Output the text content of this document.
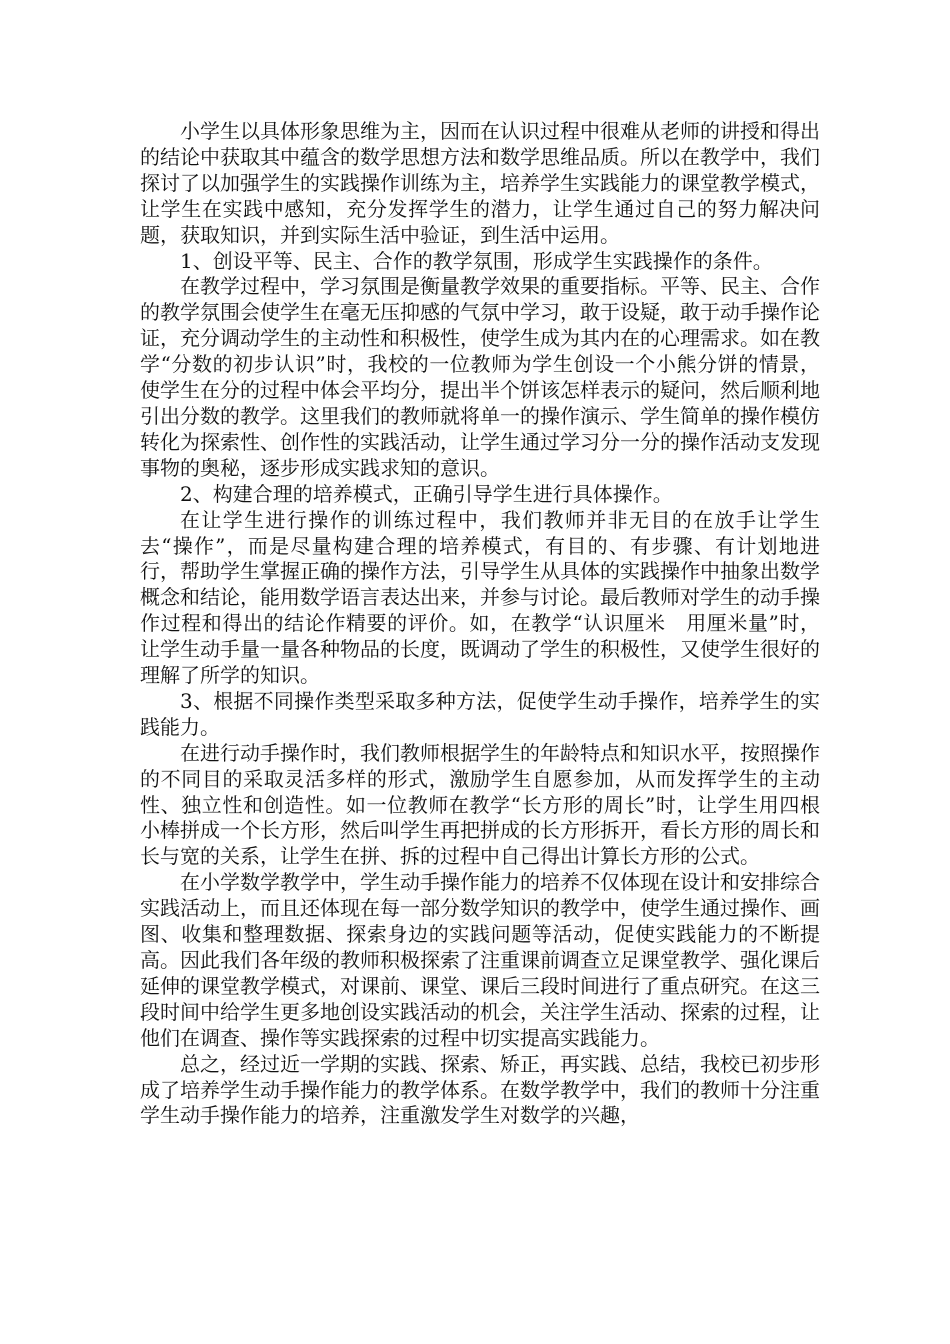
小学生以具体形象思维为主，因而在认识过程中很难从老师的讲授和得出的结论中获取其中蕴含的数学思想方法和数学思维品质。所以在教学中，我们探讨了以加强学生的实践操作训练为主，培养学生实践能力的课堂教学模式，让学生在实践中感知，充分发挥学生的潜力，让学生通过自己的努力解决问题，获取知识，并到实际生活中验证，到生活中运用。

1、创设平等、民主、合作的教学氛围，形成学生实践操作的条件。

在教学过程中，学习氛围是衡量教学效果的重要指标。平等、民主、合作的教学氛围会使学生在毫无压抑感的气氛中学习，敢于设疑，敢于动手操作论证，充分调动学生的主动性和积极性，使学生成为其内在的心理需求。如在教学“分数的初步认识”时，我校的一位教师为学生创设一个小熊分饼的情景，使学生在分的过程中体会平均分，提出半个饼该怎样表示的疑问，然后顺利地引出分数的教学。这里我们的教师就将单一的操作演示、学生简单的操作模仿转化为探索性、创作性的实践活动，让学生通过学习分一分的操作活动支发现事物的奥秘，逐步形成实践求知的意识。

2、构建合理的培养模式，正确引导学生进行具体操作。

在让学生进行操作的训练过程中，我们教师并非无目的在放手让学生去“操作”，而是尽量构建合理的培养模式，有目的、有步骤、有计划地进行，帮助学生掌握正确的操作方法，引导学生从具体的实践操作中抽象出数学概念和结论，能用数学语言表达出来，并参与讨论。最后教师对学生的动手操作过程和得出的结论作精要的评价。如，在教学“认识厘米　用厘米量”时，让学生动手量一量各种物品的长度，既调动了学生的积极性，又使学生很好的理解了所学的知识。

3、根据不同操作类型采取多种方法，促使学生动手操作，培养学生的实践能力。

在进行动手操作时，我们教师根据学生的年龄特点和知识水平，按照操作的不同目的采取灵活多样的形式，激励学生自愿参加，从而发挥学生的主动性、独立性和创造性。如一位教师在教学“长方形的周长”时，让学生用四根小棒拼成一个长方形，然后叫学生再把拼成的长方形拆开，看长方形的周长和长与宽的关系，让学生在拼、拆的过程中自己得出计算长方形的公式。

在小学数学教学中，学生动手操作能力的培养不仅体现在设计和安排综合实践活动上，而且还体现在每一部分数学知识的教学中，使学生通过操作、画图、收集和整理数据、探索身边的实践问题等活动，促使实践能力的不断提高。因此我们各年级的教师积极探索了注重课前调查立足课堂教学、强化课后延伸的课堂教学模式，对课前、课堂、课后三段时间进行了重点研究。在这三段时间中给学生更多地创设实践活动的机会，关注学生活动、探索的过程，让他们在调查、操作等实践探索的过程中切实提高实践能力。

总之，经过近一学期的实践、探索、矫正，再实践、总结，我校已初步形成了培养学生动手操作能力的教学体系。在数学教学中，我们的教师十分注重学生动手操作能力的培养，注重激发学生对数学的兴趣，
